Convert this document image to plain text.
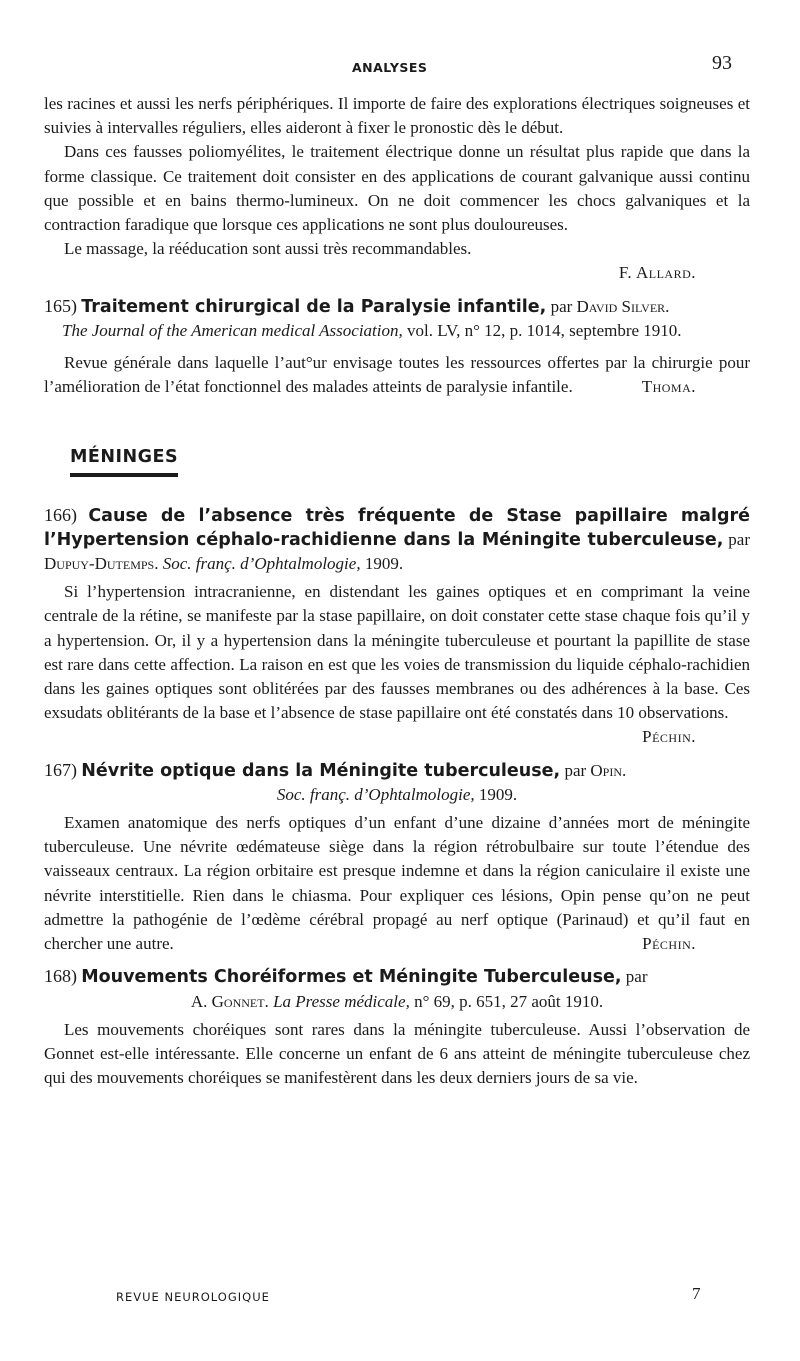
ANALYSES	93

les racines et aussi les nerfs périphériques. Il importe de faire des explorations électriques soigneuses et suivies à intervalles réguliers, elles aideront à fixer le pronostic dès le début.

Dans ces fausses poliomyélites, le traitement électrique donne un résultat plus rapide que dans la forme classique. Ce traitement doit consister en des applications de courant galvanique aussi continu que possible et en bains thermo-lumineux. On ne doit commencer les chocs galvaniques et la contraction faradique que lorsque ces applications ne sont plus douloureuses.

Le massage, la rééducation sont aussi très recommandables.

F. Allard.

165) Traitement chirurgical de la Paralysie infantile, par David Silver.
The Journal of the American medical Association, vol. LV, n° 12, p. 1014, septembre 1910.

Revue générale dans laquelle l’aut°ur envisage toutes les ressources offertes par la chirurgie pour l’amélioration de l’état fonctionnel des malades atteints de paralysie infantile.	Thoma.

MÉNINGES
166) Cause de l’absence très fréquente de Stase papillaire malgré l’Hypertension céphalo-rachidienne dans la Méningite tuberculeuse, par Dupuy-Dutemps. Soc. franç. d’Ophtalmologie, 1909.

Si l’hypertension intracranienne, en distendant les gaines optiques et en comprimant la veine centrale de la rétine, se manifeste par la stase papillaire, on doit constater cette stase chaque fois qu’il y a hypertension. Or, il y a hypertension dans la méningite tuberculeuse et pourtant la papillite de stase est rare dans cette affection. La raison en est que les voies de transmission du liquide céphalo-rachidien dans les gaines optiques sont oblitérées par des fausses membranes ou des adhérences à la base. Ces exsudats oblitérants de la base et l’absence de stase papillaire ont été constatés dans 10 observations.

Péchin.

167) Névrite optique dans la Méningite tuberculeuse, par Opin.
Soc. franç. d’Ophtalmologie, 1909.

Examen anatomique des nerfs optiques d’un enfant d’une dizaine d’années mort de méningite tuberculeuse. Une névrite œdémateuse siège dans la région rétrobulbaire sur toute l’étendue des vaisseaux centraux. La région orbitaire est presque indemne et dans la région caniculaire il existe une névrite interstitielle. Rien dans le chiasma. Pour expliquer ces lésions, Opin pense qu’on ne peut admettre la pathogénie de l’œdème cérébral propagé au nerf optique (Parinaud) et qu’il faut en chercher une autre.	Péchin.

168) Mouvements Choréiformes et Méningite Tuberculeuse, par
A. Gonnet. La Presse médicale, n° 69, p. 651, 27 août 1910.

Les mouvements choréiques sont rares dans la méningite tuberculeuse. Aussi l’observation de Gonnet est-elle intéressante. Elle concerne un enfant de 6 ans atteint de méningite tuberculeuse chez qui des mouvements choréiques se manifestèrent dans les deux derniers jours de sa vie.

REVUE NEUROLOGIQUE	7
